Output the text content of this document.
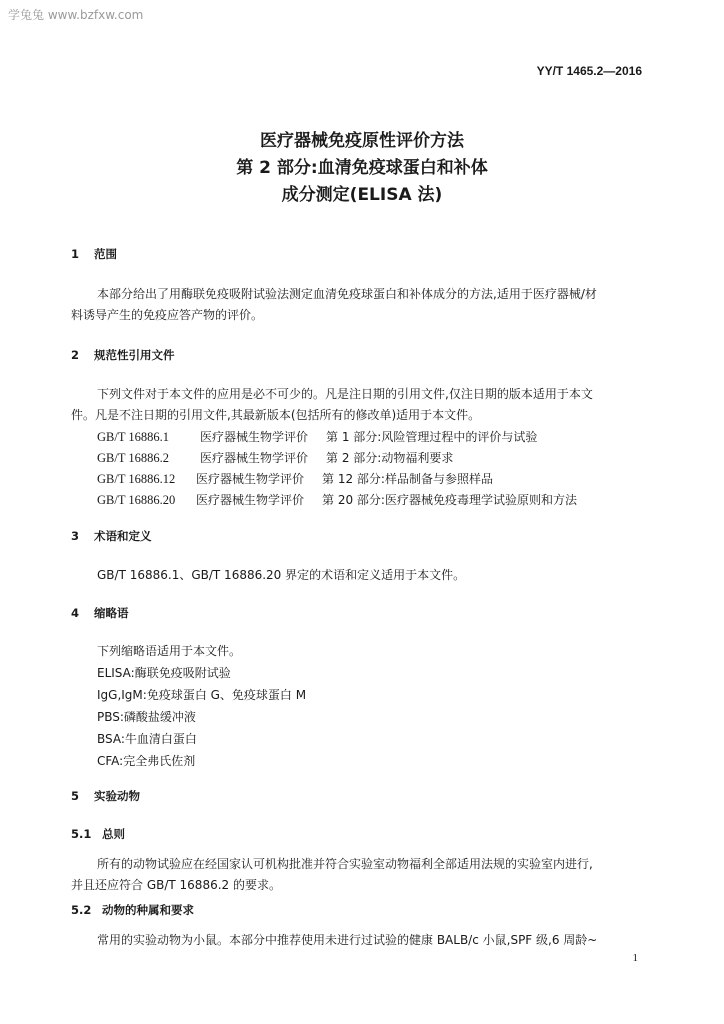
学兔兔 www.bzfxw.com
YY/T 1465.2—2016
医疗器械免疫原性评价方法
第 2 部分:血清免疫球蛋白和补体
成分测定(ELISA 法)
1 范围
本部分给出了用酶联免疫吸附试验法测定血清免疫球蛋白和补体成分的方法,适用于医疗器械/材
料诱导产生的免疫应答产物的评价。
2 规范性引用文件
下列文件对于本文件的应用是必不可少的。凡是注日期的引用文件,仅注日期的版本适用于本文
件。凡是不注日期的引用文件,其最新版本(包括所有的修改单)适用于本文件。
GB/T 16886.1	医疗器械生物学评价 第 1 部分:风险管理过程中的评价与试验
GB/T 16886.2	医疗器械生物学评价 第 2 部分:动物福利要求
GB/T 16886.12 医疗器械生物学评价 第 12 部分:样品制备与参照样品
GB/T 16886.20 医疗器械生物学评价 第 20 部分:医疗器械免疫毒理学试验原则和方法
3 术语和定义
GB/T 16886.1、GB/T 16886.20 界定的术语和定义适用于本文件。
4 缩略语
下列缩略语适用于本文件。
ELISA:酶联免疫吸附试验
IgG,IgM:免疫球蛋白 G、免疫球蛋白 M
PBS:磷酸盐缓冲液
BSA:牛血清白蛋白
CFA:完全弗氏佐剂
5 实验动物
5.1 总则
所有的动物试验应在经国家认可机构批准并符合实验室动物福利全部适用法规的实验室内进行,
并且还应符合 GB/T 16886.2 的要求。
5.2 动物的种属和要求
常用的实验动物为小鼠。本部分中推荐使用未进行过试验的健康 BALB/c 小鼠,SPF 级,6 周龄~
1
